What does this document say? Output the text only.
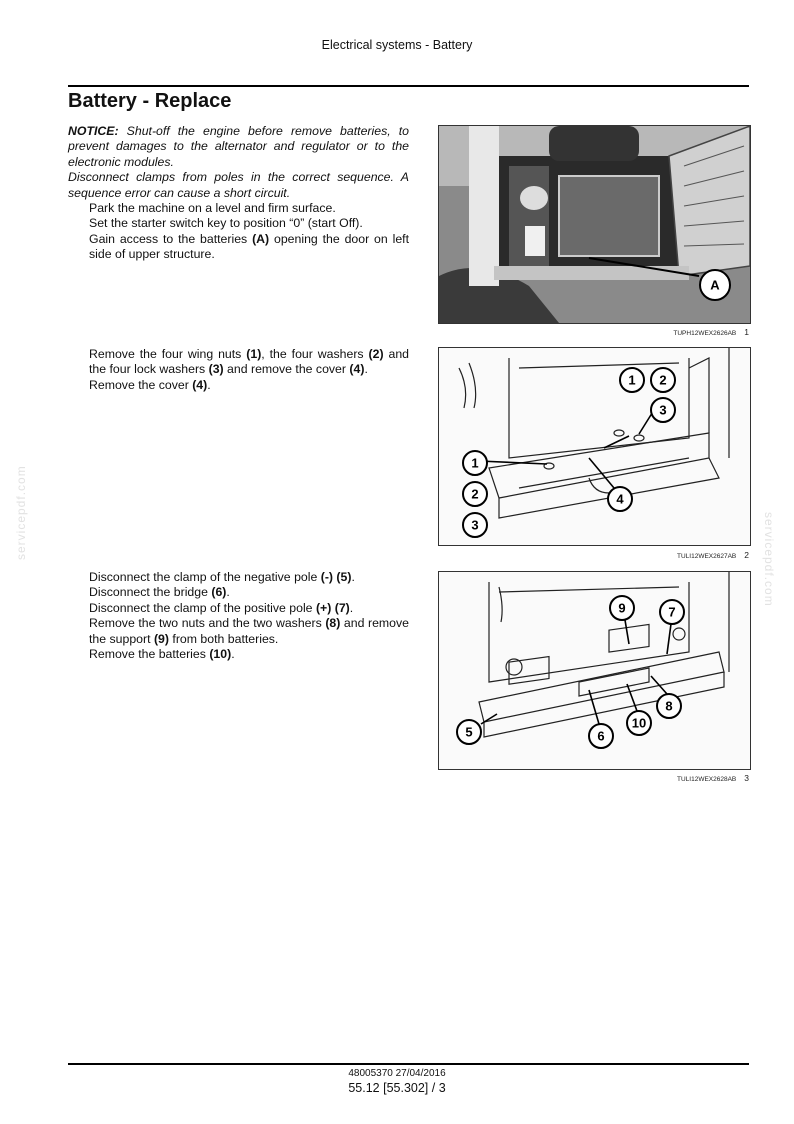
Electrical systems - Battery
Battery - Replace

NOTICE: Shut-off the engine before remove batteries, to prevent damages to the alternator and regulator or to the electronic modules.

Disconnect clamps from poles in the correct sequence. A sequence error can cause a short circuit.

Park the machine on a level and firm surface.

Set the starter switch key to position “0” (start Off).

Gain access to the batteries (A) opening the door on left side of upper structure.

Remove the four wing nuts (1), the four washers (2) and the four lock washers (3) and remove the cover (4).

Remove the cover (4).

Disconnect the clamp of the negative pole (-) (5).

Disconnect the bridge (6).

Disconnect the clamp of the positive pole (+) (7).

Remove the two nuts and the two washers (8) and remove the support (9) from both batteries.

Remove the batteries (10).

A
TUPH12WEX2626AB 1
1 2
3
1
2
3
4
TULI12WEX2627AB 2
9	7
8
5	6
10
TULI12WEX2628AB 3
servicepdf.com	servicepdf.com
48005370 27/04/2016
55.12 [55.302] / 3
